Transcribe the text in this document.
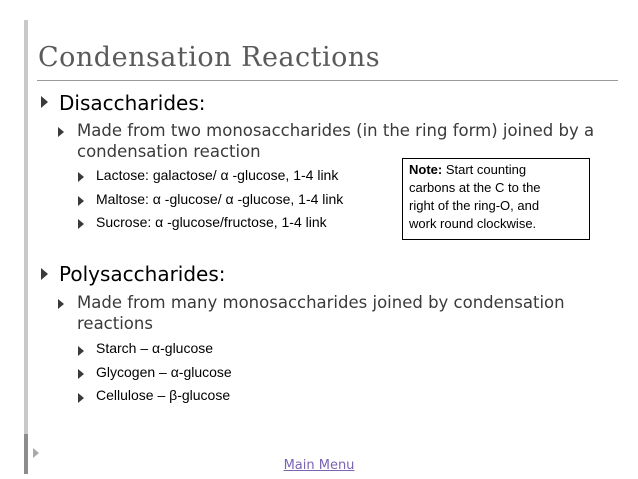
Condensation Reactions
Disaccharides:
Made from two monosaccharides (in the ring form) joined by a
condensation reaction
Lactose: galactose/ α -glucose, 1-4 link
Maltose: α -glucose/ α -glucose, 1-4 link
Sucrose: α -glucose/fructose, 1-4 link
Note: Start counting
carbons at the C to the
right of the ring-O, and
work round clockwise.
Polysaccharides:
Made from many monosaccharides joined by condensation
reactions
Starch – α-glucose
Glycogen – α-glucose
Cellulose – β-glucose
Main Menu
